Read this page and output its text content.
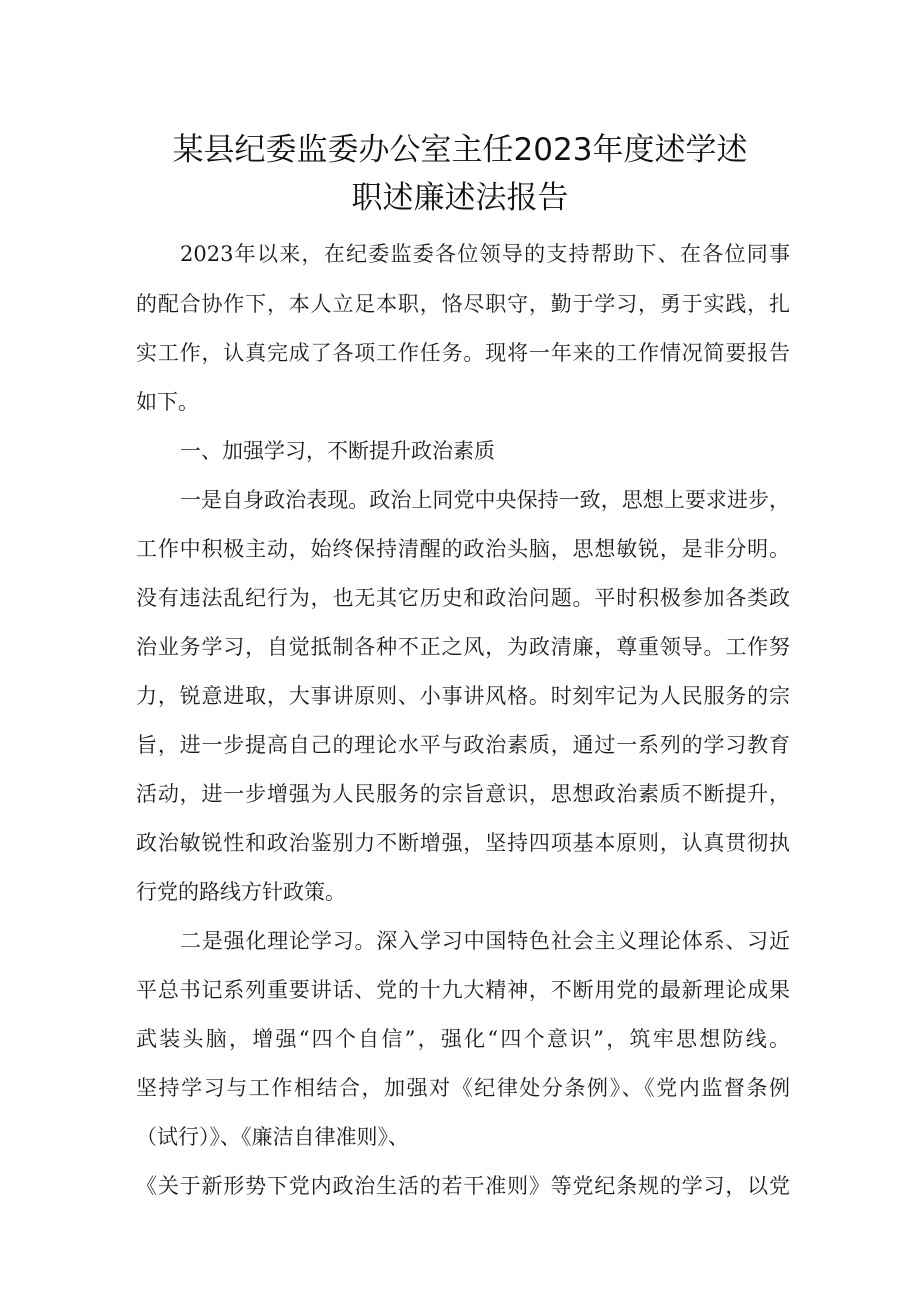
某县纪委监委办公室主任2023年度述学述
职述廉述法报告
2023年以来，在纪委监委各位领导的支持帮助下、在各位同事
的配合协作下，本人立足本职，恪尽职守，勤于学习，勇于实践，扎
实工作，认真完成了各项工作任务。现将一年来的工作情况简要报告
如下。
一、加强学习，不断提升政治素质
一是自身政治表现。政治上同党中央保持一致，思想上要求进步，
工作中积极主动，始终保持清醒的政治头脑，思想敏锐，是非分明。
没有违法乱纪行为，也无其它历史和政治问题。平时积极参加各类政
治业务学习，自觉抵制各种不正之风，为政清廉，尊重领导。工作努
力，锐意进取，大事讲原则、小事讲风格。时刻牢记为人民服务的宗
旨，进一步提高自己的理论水平与政治素质，通过一系列的学习教育
活动，进一步增强为人民服务的宗旨意识，思想政治素质不断提升，
政治敏锐性和政治鉴别力不断增强，坚持四项基本原则，认真贯彻执
行党的路线方针政策。
二是强化理论学习。深入学习中国特色社会主义理论体系、习近
平总书记系列重要讲话、党的十九大精神，不断用党的最新理论成果
武装头脑，增强“四个自信”，强化“四个意识”，筑牢思想防线。
坚持学习与工作相结合，加强对《纪律处分条例》、《党内监督条例
（试行）》、《廉洁自律准则》、
《关于新形势下党内政治生活的若干准则》等党纪条规的学习，以党
